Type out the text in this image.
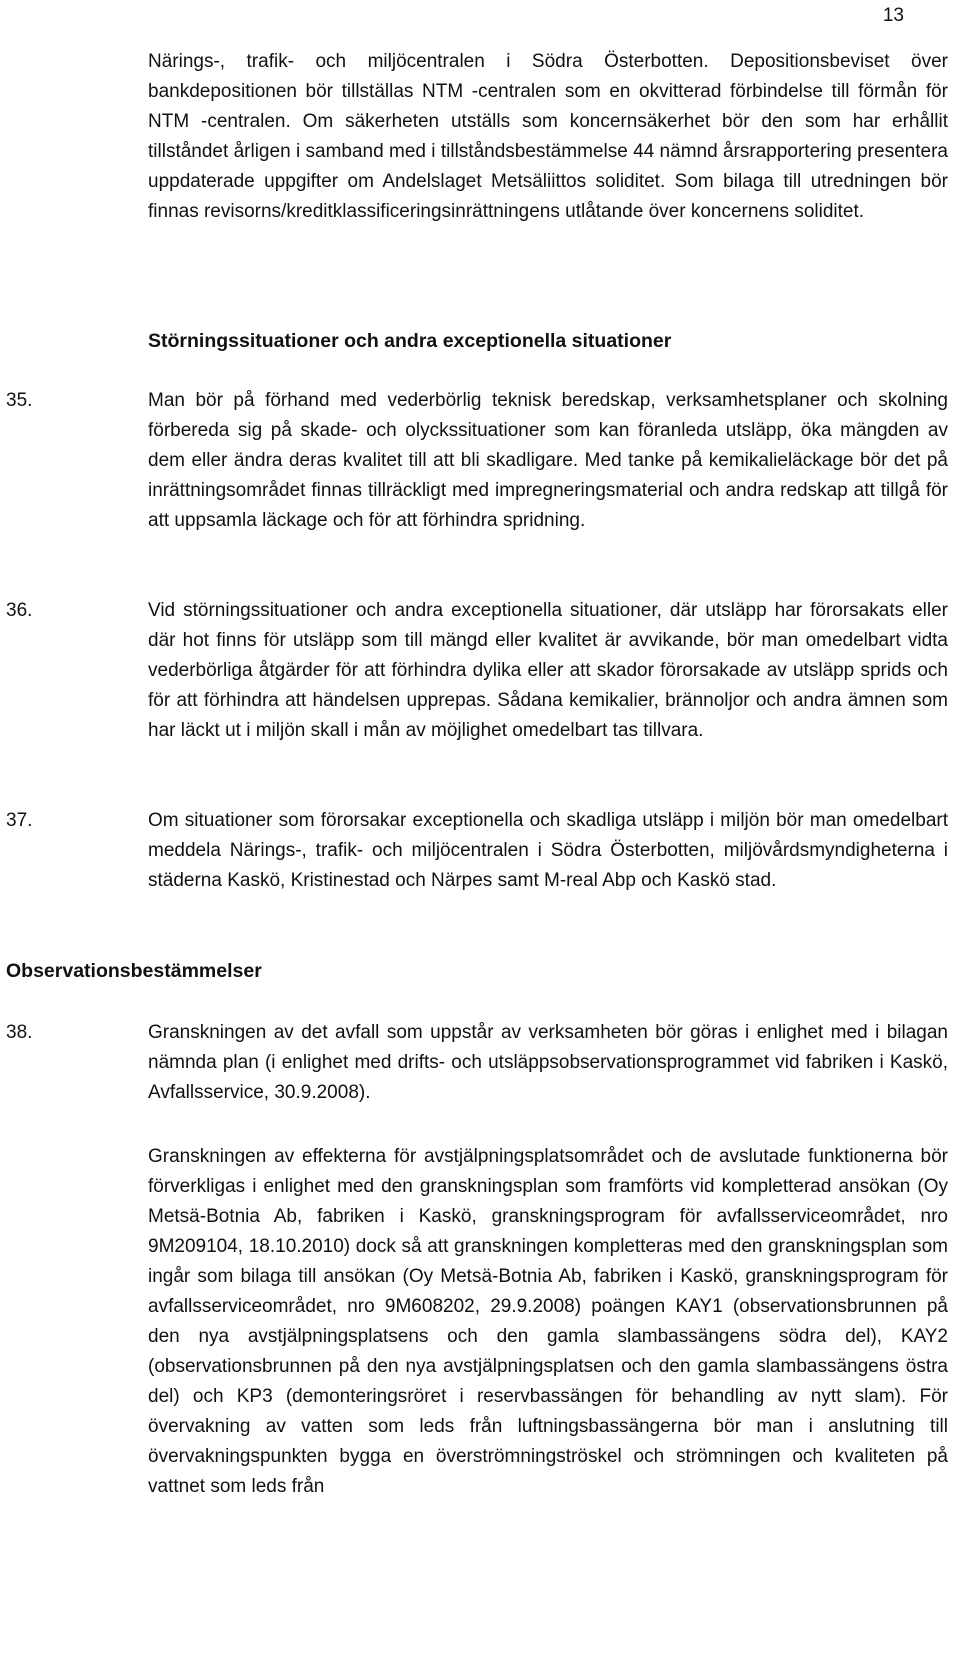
13

Närings-, trafik- och miljöcentralen i Södra Österbotten. Depositionsbeviset över bankdepositionen bör tillställas NTM -centralen som en okvitterad förbindelse till förmån för NTM -centralen. Om säkerheten utställs som koncernsäkerhet bör den som har erhållit tillståndet årligen i samband med i tillståndsbestämmelse 44 nämnd årsrapportering presentera uppdaterade uppgifter om Andelslaget Metsäliittos soliditet. Som bilaga till utredningen bör finnas revisorns/kreditklassificeringsinrättningens utlåtande över koncernens soliditet.

Störningssituationer och andra exceptionella situationer
35.	Man bör på förhand med vederbörlig teknisk beredskap, verksamhetsplaner och skolning förbereda sig på skade- och olyckssituationer som kan föranleda utsläpp, öka mängden av dem eller ändra deras kvalitet till att bli skadligare. Med tanke på kemikalieläckage bör det på inrättningsområdet finnas tillräckligt med impregneringsmaterial och andra redskap att tillgå för att uppsamla läckage och för att förhindra spridning.

36.	Vid störningssituationer och andra exceptionella situationer, där utsläpp har förorsakats eller där hot finns för utsläpp som till mängd eller kvalitet är avvikande, bör man omedelbart vidta vederbörliga åtgärder för att förhindra dylika eller att skador förorsakade av utsläpp sprids och för att förhindra att händelsen upprepas. Sådana kemikalier, brännoljor och andra ämnen som har läckt ut i miljön skall i mån av möjlighet omedelbart tas tillvara.

37.	Om situationer som förorsakar exceptionella och skadliga utsläpp i miljön bör man omedelbart meddela Närings-, trafik- och miljöcentralen i Södra Österbotten, miljövårdsmyndigheterna i städerna Kaskö, Kristinestad och Närpes samt M-real Abp och Kaskö stad.

Observationsbestämmelser
38.	Granskningen av det avfall som uppstår av verksamheten bör göras i enlighet med i bilagan nämnda plan (i enlighet med drifts- och utsläppsobservationsprogrammet vid fabriken i Kaskö, Avfallsservice, 30.9.2008).

Granskningen av effekterna för avstjälpningsplatsområdet och de avslutade funktionerna bör förverkligas i enlighet med den granskningsplan som framförts vid kompletterad ansökan (Oy Metsä-Botnia Ab, fabriken i Kaskö, granskningsprogram för avfallsserviceområdet, nro 9M209104, 18.10.2010) dock så att granskningen kompletteras med den granskningsplan som ingår som bilaga till ansökan (Oy Metsä-Botnia Ab, fabriken i Kaskö, granskningsprogram för avfallsserviceområdet, nro 9M608202, 29.9.2008) poängen KAY1 (observationsbrunnen på den nya avstjälpningsplatsens och den gamla slambassängens södra del), KAY2 (observationsbrunnen på den nya avstjälpningsplatsen och den gamla slambassängens östra del) och KP3 (demonteringsröret i reservbassängen för behandling av nytt slam). För övervakning av vatten som leds från luftningsbassängerna bör man i anslutning till övervakningspunkten bygga en överströmningströskel och strömningen och kvaliteten på vattnet som leds från
